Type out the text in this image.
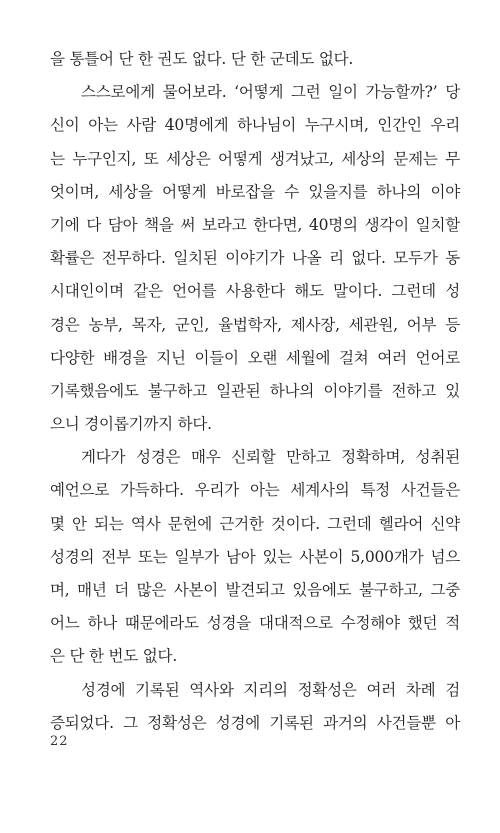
을 통틀어 단 한 권도 없다. 단 한 군데도 없다.
스스로에게 물어보라. ‘어떻게 그런 일이 가능할까?’ 당
신이 아는 사람 40명에게 하나님이 누구시며, 인간인 우리
는 누구인지, 또 세상은 어떻게 생겨났고, 세상의 문제는 무
엇이며, 세상을 어떻게 바로잡을 수 있을지를 하나의 이야
기에 다 담아 책을 써 보라고 한다면, 40명의 생각이 일치할
확률은 전무하다. 일치된 이야기가 나올 리 없다. 모두가 동
시대인이며 같은 언어를 사용한다 해도 말이다. 그런데 성
경은 농부, 목자, 군인, 율법학자, 제사장, 세관원, 어부 등
다양한 배경을 지닌 이들이 오랜 세월에 걸쳐 여러 언어로
기록했음에도 불구하고 일관된 하나의 이야기를 전하고 있
으니 경이롭기까지 하다.
게다가 성경은 매우 신뢰할 만하고 정확하며, 성취된
예언으로 가득하다. 우리가 아는 세계사의 특정 사건들은
몇 안 되는 역사 문헌에 근거한 것이다. 그런데 헬라어 신약
성경의 전부 또는 일부가 남아 있는 사본이 5,000개가 넘으
며, 매년 더 많은 사본이 발견되고 있음에도 불구하고, 그중
어느 하나 때문에라도 성경을 대대적으로 수정해야 했던 적
은 단 한 번도 없다.
성경에 기록된 역사와 지리의 정확성은 여러 차례 검
증되었다. 그 정확성은 성경에 기록된 과거의 사건들뿐 아
22
